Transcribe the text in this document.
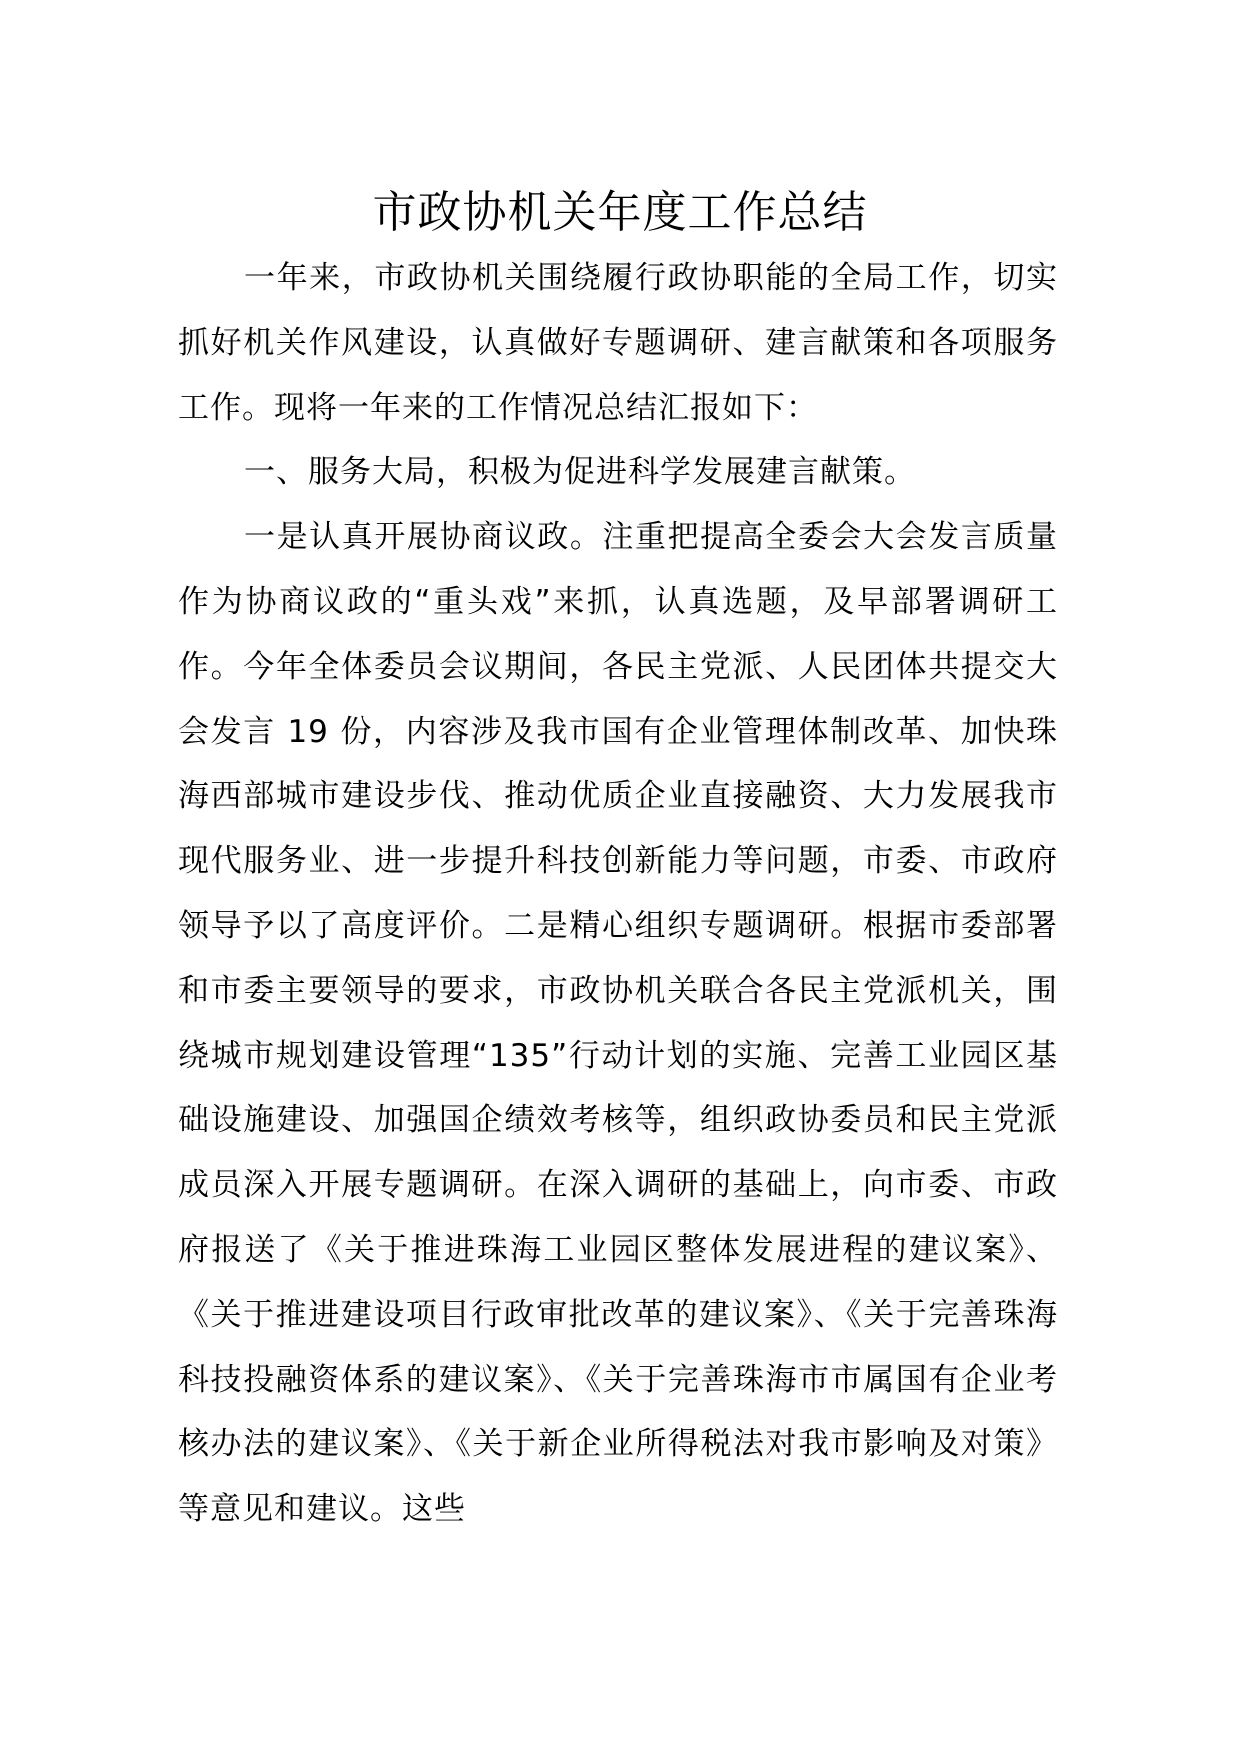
市政协机关年度工作总结

一年来，市政协机关围绕履行政协职能的全局工作，切实抓好机关作风建设，认真做好专题调研、建言献策和各项服务工作。现将一年来的工作情况总结汇报如下：

一、服务大局，积极为促进科学发展建言献策。

一是认真开展协商议政。注重把提高全委会大会发言质量作为协商议政的“重头戏”来抓，认真选题，及早部署调研工作。今年全体委员会议期间，各民主党派、人民团体共提交大会发言 19 份，内容涉及我市国有企业管理体制改革、加快珠海西部城市建设步伐、推动优质企业直接融资、大力发展我市现代服务业、进一步提升科技创新能力等问题，市委、市政府领导予以了高度评价。二是精心组织专题调研。根据市委部署和市委主要领导的要求，市政协机关联合各民主党派机关，围绕城市规划建设管理“135”行动计划的实施、完善工业园区基础设施建设、加强国企绩效考核等，组织政协委员和民主党派成员深入开展专题调研。在深入调研的基础上，向市委、市政府报送了《关于推进珠海工业园区整体发展进程的建议案》、《关于推进建设项目行政审批改革的建议案》、《关于完善珠海科技投融资体系的建议案》、《关于完善珠海市市属国有企业考核办法的建议案》、《关于新企业所得税法对我市影响及对策》等意见和建议。这些
